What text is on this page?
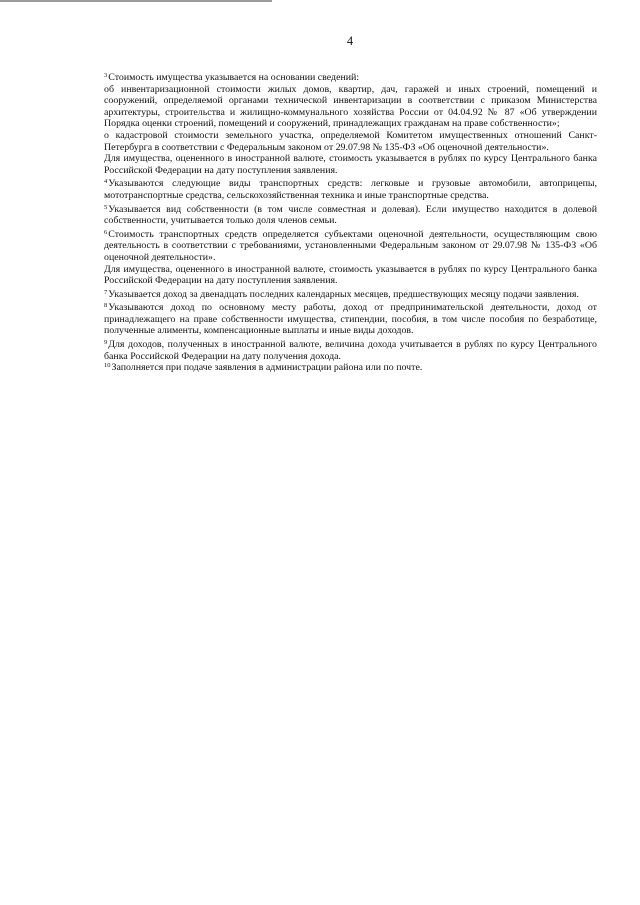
4

$^3$Стоимость имущества указывается на основании сведений:

об инвентаризационной стоимости жилых домов, квартир, дач, гаражей и иных строений, помещений и сооружений, определяемой органами технической инвентаризации в соответствии с приказом Министерства архитектуры, строительства и жилищно-коммунального хозяйства России от 04.04.92 № 87 «Об утверждении Порядка оценки строений, помещений и сооружений, принадлежащих гражданам на праве собственности»;

о кадастровой стоимости земельного участка, определяемой Комитетом имущественных отношений Санкт-Петербурга в соответствии с Федеральным законом от 29.07.98 № 135-ФЗ «Об оценочной деятельности».

Для имущества, оцененного в иностранной валюте, стоимость указывается в рублях по курсу Центрального банка Российской Федерации на дату поступления заявления.

$^4$Указываются следующие виды транспортных средств: легковые и грузовые автомобили, автоприцепы, мототранспортные средства, сельскохозяйственная техника и иные транспортные средства.

$^5$Указывается вид собственности (в том числе совместная и долевая). Если имущество находится в долевой собственности, учитывается только доля членов семьи.

$^6$Стоимость транспортных средств определяется субъектами оценочной деятельности, осуществляющим свою деятельность в соответствии с требованиями, установленными Федеральным законом от 29.07.98 № 135-ФЗ «Об оценочной деятельности».

Для имущества, оцененного в иностранной валюте, стоимость указывается в рублях по курсу Центрального банка Российской Федерации на дату поступления заявления.

$^7$Указывается доход за двенадцать последних календарных месяцев, предшествующих месяцу подачи заявления.

$^8$Указываются доход по основному месту работы, доход от предпринимательской деятельности, доход от принадлежащего на праве собственности имущества, стипендии, пособия, в том числе пособия по безработице, полученные алименты, компенсационные выплаты и иные виды доходов.

$^9$Для доходов, полученных в иностранной валюте, величина дохода учитывается в рублях по курсу Центрального банка Российской Федерации на дату получения дохода.

$^{10}$Заполняется при подаче заявления в администрации района или по почте.
